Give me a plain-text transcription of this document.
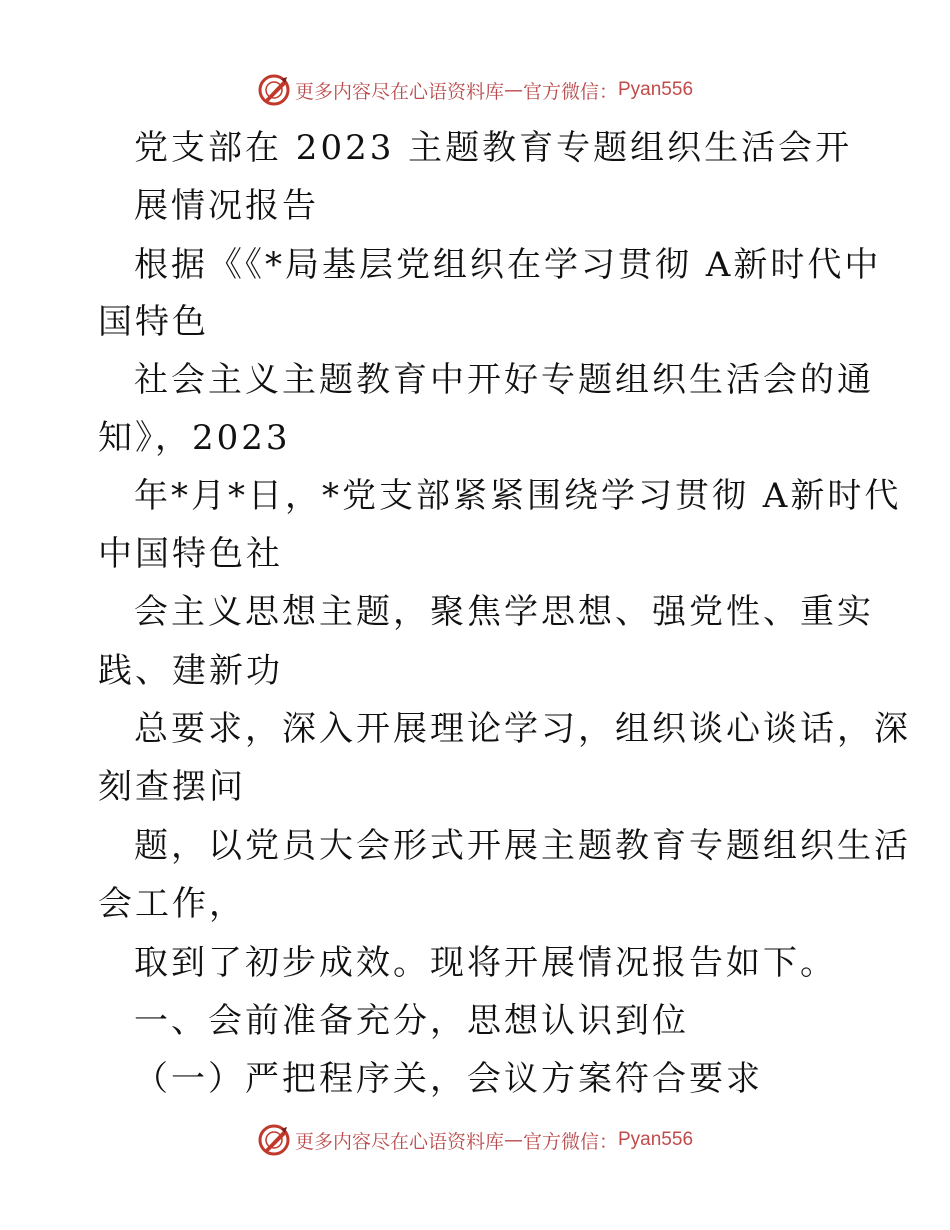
更多内容尽在心语资料库 — 官方微信： Pyan556
党支部在 2023 主题教育专题组织生活会开
展情况报告
根据《《*局基层党组织在学习贯彻 A新时代中
国特色
社会主义主题教育中开好专题组织生活会的通
知》，2023
年*月*日，*党支部紧紧围绕学习贯彻 A新时代
中国特色社
会主义思想主题，聚焦学思想、强党性、重实
践、建新功
总要求，深入开展理论学习，组织谈心谈话，深
刻查摆问
题，以党员大会形式开展主题教育专题组织生活
会工作，
取到了初步成效。现将开展情况报告如下。
一、会前准备充分，思想认识到位
（一）严把程序关，会议方案符合要求
更多内容尽在心语资料库 — 官方微信： Pyan556
